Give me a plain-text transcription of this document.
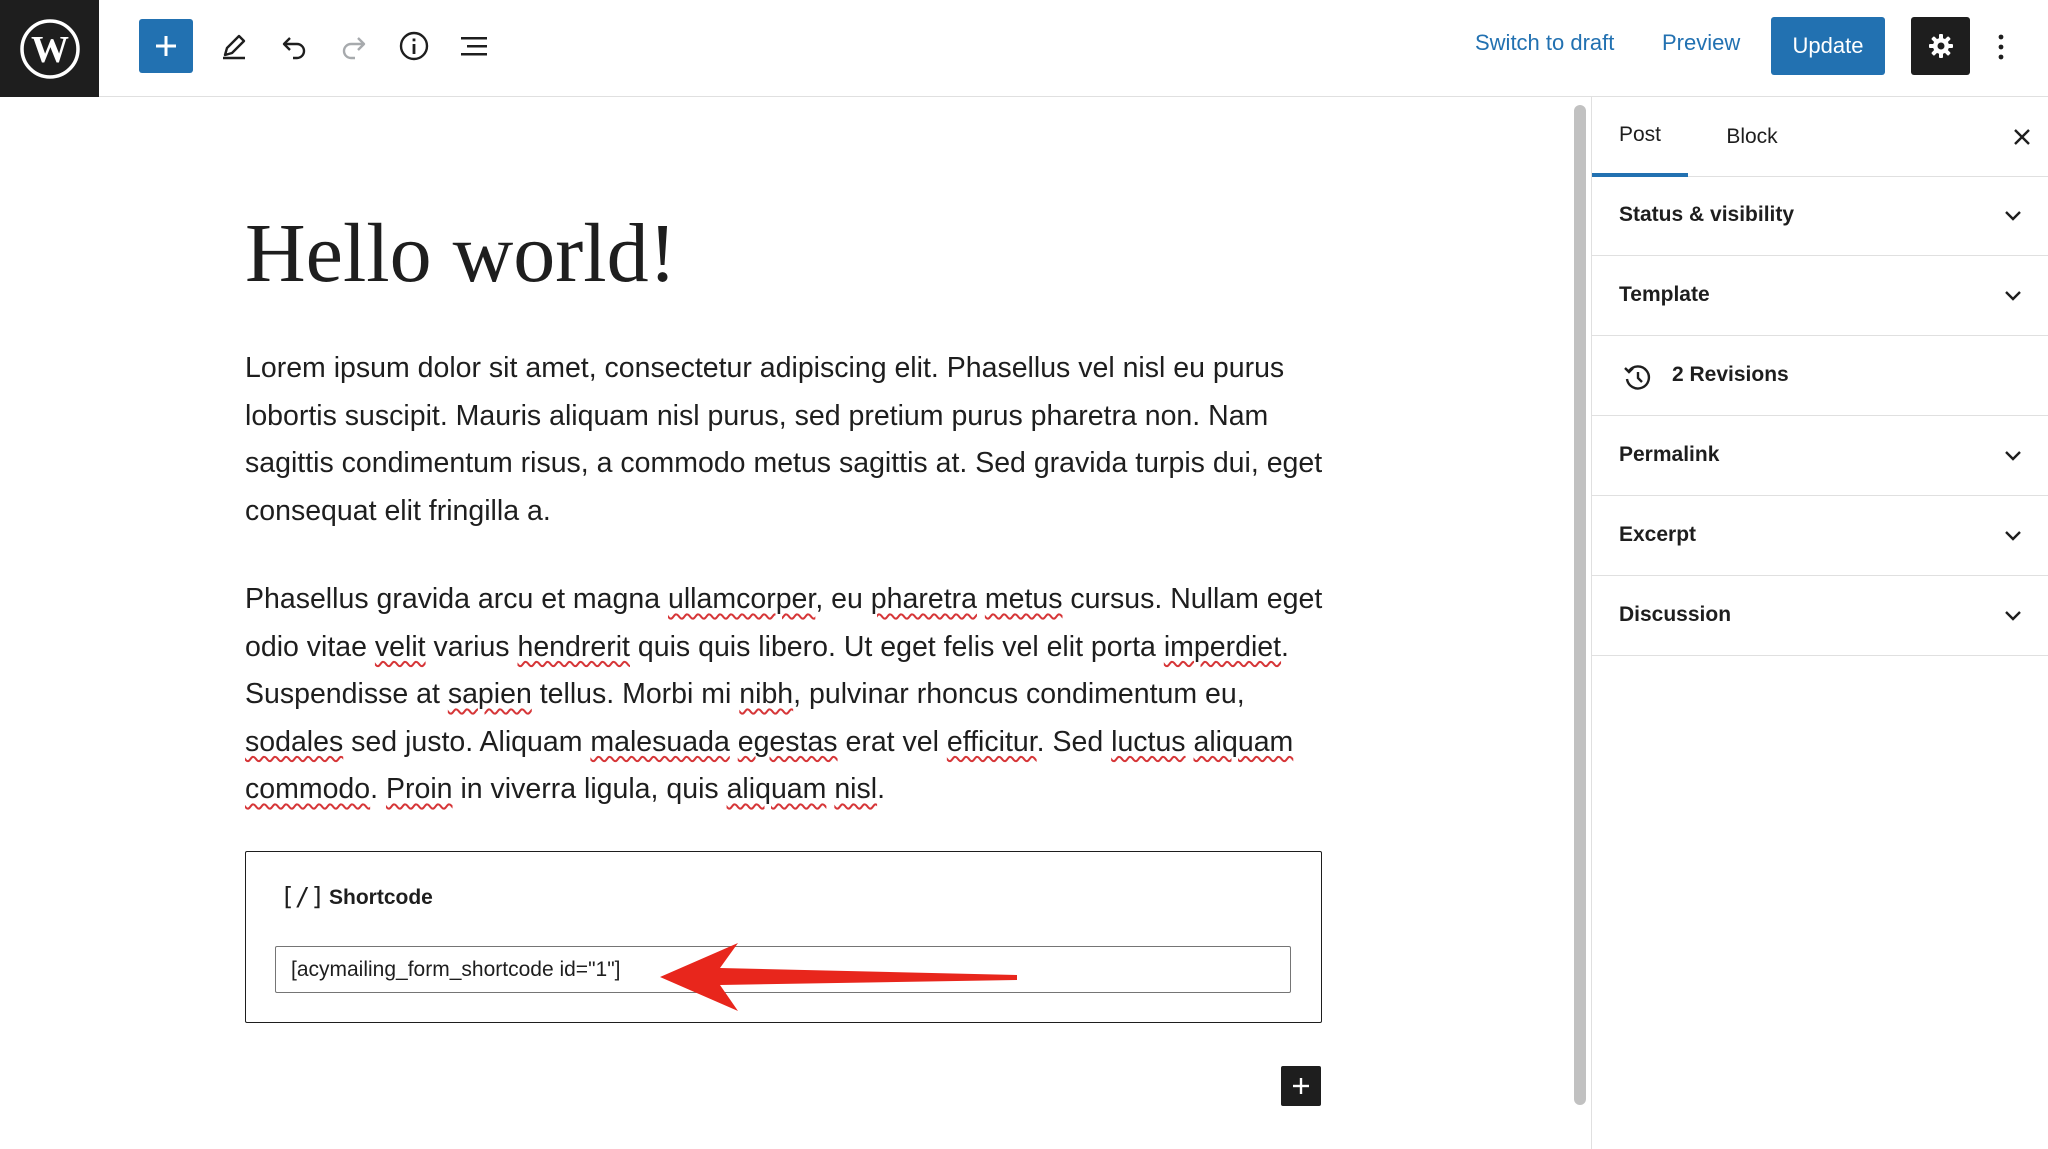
W	Switch to draft Preview	Update
Hello world!

Lorem ipsum dolor sit amet, consectetur adipiscing elit. Phasellus vel nisl eu purus lobortis suscipit. Mauris aliquam nisl purus, sed pretium purus pharetra non. Nam sagittis condimentum risus, a commodo metus sagittis at. Sed gravida turpis dui, eget consequat elit fringilla a.

Phasellus gravida arcu et magna ullamcorper, eu pharetra metus cursus. Nullam eget odio vitae velit varius hendrerit quis quis libero. Ut eget felis vel elit porta imperdiet. Suspendisse at sapien tellus. Morbi mi nibh, pulvinar rhoncus condimentum eu, sodales sed justo. Aliquam malesuada egestas erat vel efficitur. Sed luctus aliquam commodo. Proin in viverra ligula, quis aliquam nisl.

[/] Shortcode
[acymailing_form_shortcode id="1"]
Post	Block
Status & visibility
Template
2 Revisions
Permalink
Excerpt
Discussion
